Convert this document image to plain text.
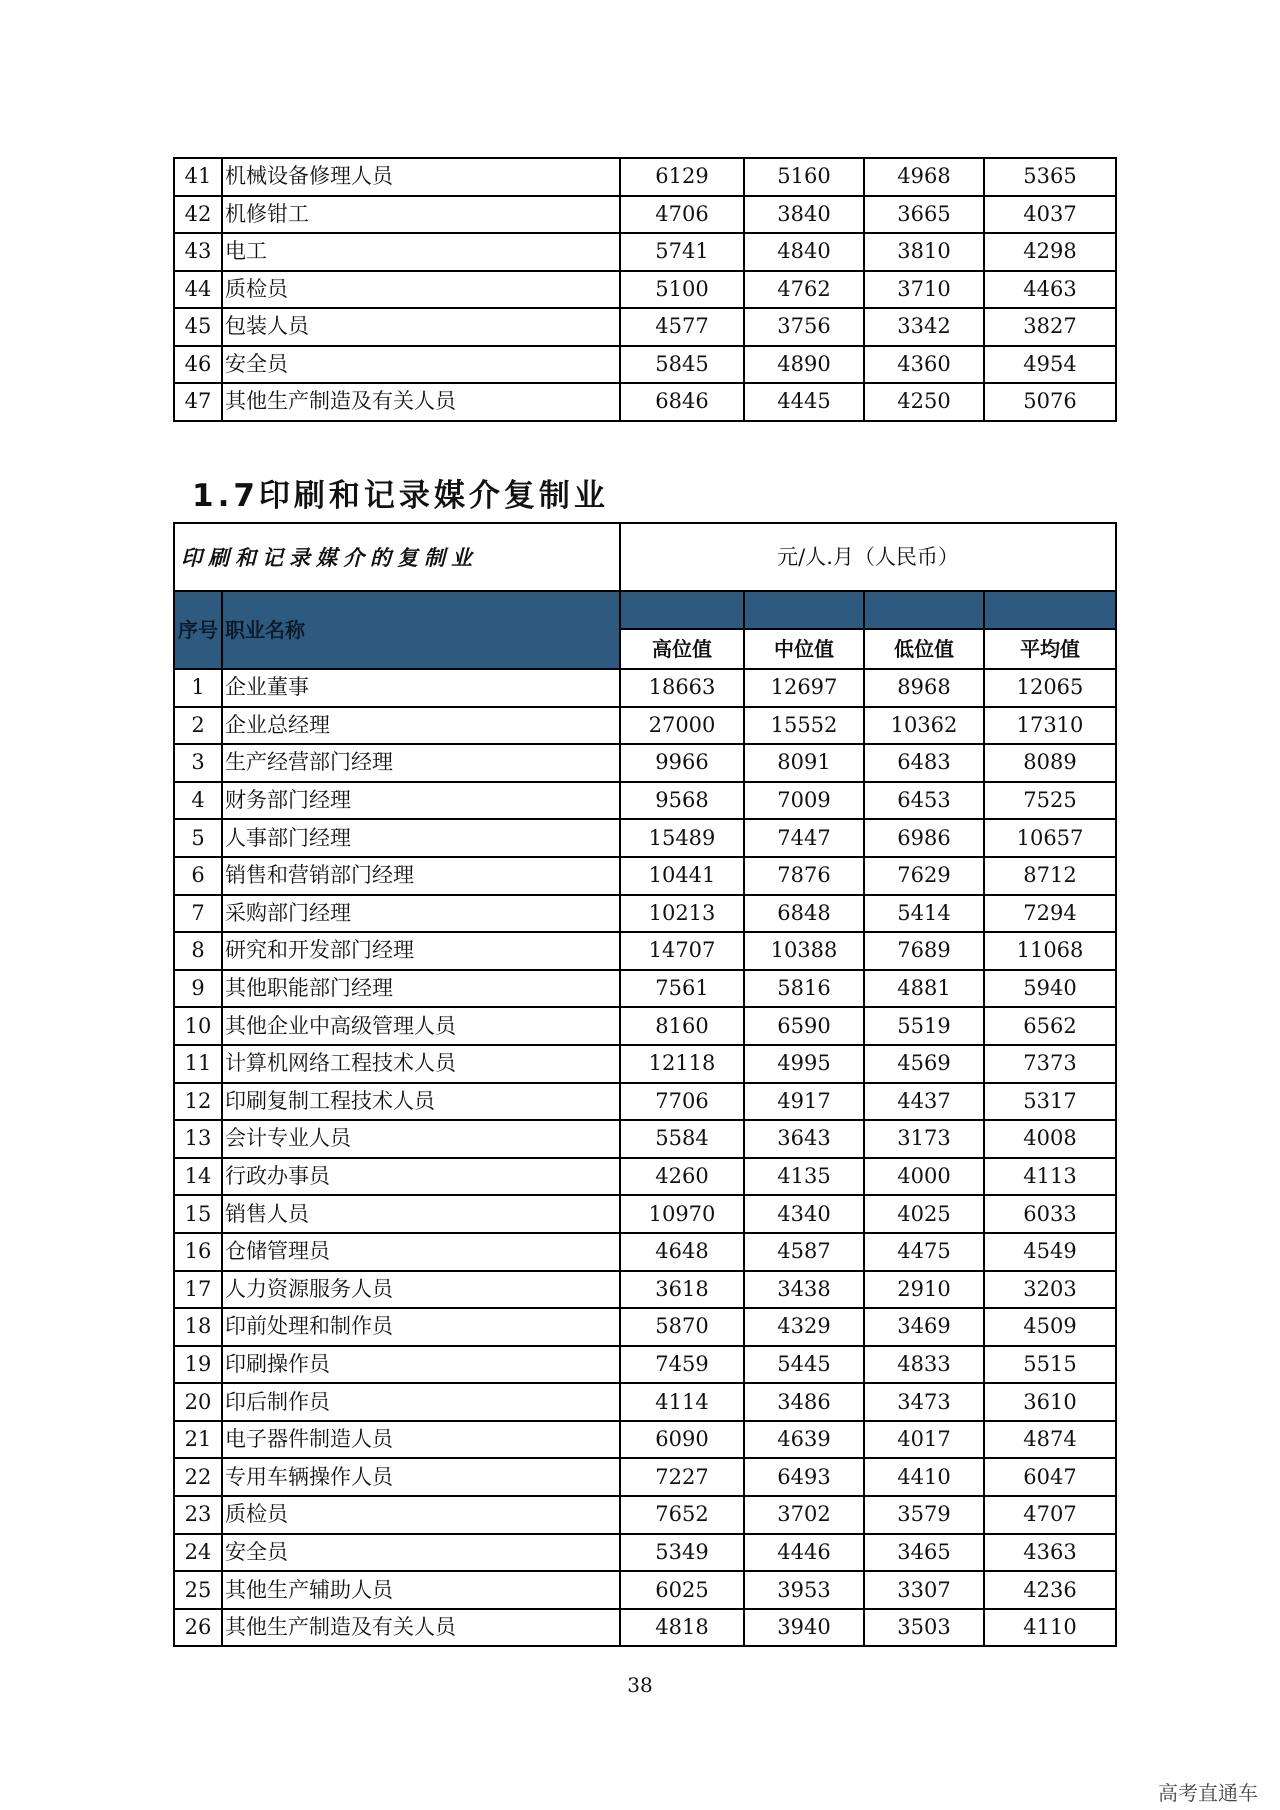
41	机械设备修理人员	6129	5160	4968	5365
42	机修钳工	4706	3840	3665	4037
43	电工	5741	4840	3810	4298
44	质检员	5100	4762	3710	4463
45	包装人员	4577	3756	3342	3827
46	安全员	5845	4890	4360	4954
47	其他生产制造及有关人员	6846	4445	4250	5076
1.7印刷和记录媒介复制业
印刷和记录媒介的复制业		元/人.月（人民币）			
序号	职业名称				
		高位值	中位值	低位值	平均值
1	企业董事	18663	12697	8968	12065
2	企业总经理	27000	15552	10362	17310
3	生产经营部门经理	9966	8091	6483	8089
4	财务部门经理	9568	7009	6453	7525
5	人事部门经理	15489	7447	6986	10657
6	销售和营销部门经理	10441	7876	7629	8712
7	采购部门经理	10213	6848	5414	7294
8	研究和开发部门经理	14707	10388	7689	11068
9	其他职能部门经理	7561	5816	4881	5940
10	其他企业中高级管理人员	8160	6590	5519	6562
11	计算机网络工程技术人员	12118	4995	4569	7373
12	印刷复制工程技术人员	7706	4917	4437	5317
13	会计专业人员	5584	3643	3173	4008
14	行政办事员	4260	4135	4000	4113
15	销售人员	10970	4340	4025	6033
16	仓储管理员	4648	4587	4475	4549
17	人力资源服务人员	3618	3438	2910	3203
18	印前处理和制作员	5870	4329	3469	4509
19	印刷操作员	7459	5445	4833	5515
20	印后制作员	4114	3486	3473	3610
21	电子器件制造人员	6090	4639	4017	4874
22	专用车辆操作人员	7227	6493	4410	6047
23	质检员	7652	3702	3579	4707
24	安全员	5349	4446	3465	4363
25	其他生产辅助人员	6025	3953	3307	4236
26	其他生产制造及有关人员	4818	3940	3503	4110
38
高考直通车
